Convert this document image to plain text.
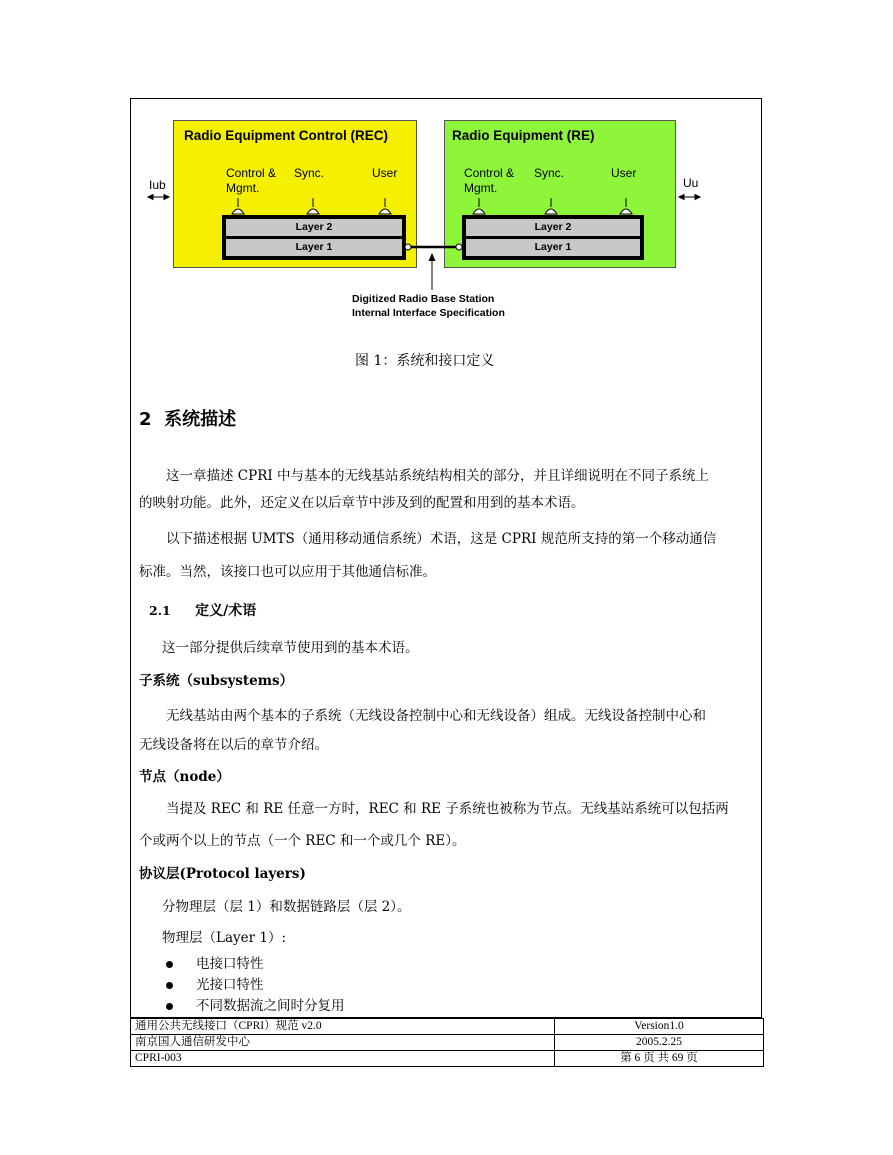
Radio Equipment Control (REC)	Radio Equipment (RE)
Iub	Uu
Control &
Mgmt.
Sync.	User	Control &
Mgmt.
Sync.	User
Layer 2
Layer 1
Layer 2
Layer 1
Digitized Radio Base Station
Internal Interface Specification
图 1：系统和接口定义
2 系统描述
这一章描述 CPRI 中与基本的无线基站系统结构相关的部分，并且详细说明在不同子系统上
的映射功能。此外，还定义在以后章节中涉及到的配置和用到的基本术语。
以下描述根据 UMTS（通用移动通信系统）术语，这是 CPRI 规范所支持的第一个移动通信
标准。当然，该接口也可以应用于其他通信标准。
2.1 定义/术语
这一部分提供后续章节使用到的基本术语。
子系统（subsystems）
无线基站由两个基本的子系统（无线设备控制中心和无线设备）组成。无线设备控制中心和
无线设备将在以后的章节介绍。
节点（node）
当提及 REC 和 RE 任意一方时，REC 和 RE 子系统也被称为节点。无线基站系统可以包括两
个或两个以上的节点（一个 REC 和一个或几个 RE）。
协议层(Protocol layers)
分物理层（层 1）和数据链路层（层 2）。
物理层（Layer 1）:
电接口特性
光接口特性
不同数据流之间时分复用
通用公共无线接口（CPRI）规范 v2.0	Version1.0
南京国人通信研发中心	2005.2.25
CPRI-003	第 6 页 共 69 页
